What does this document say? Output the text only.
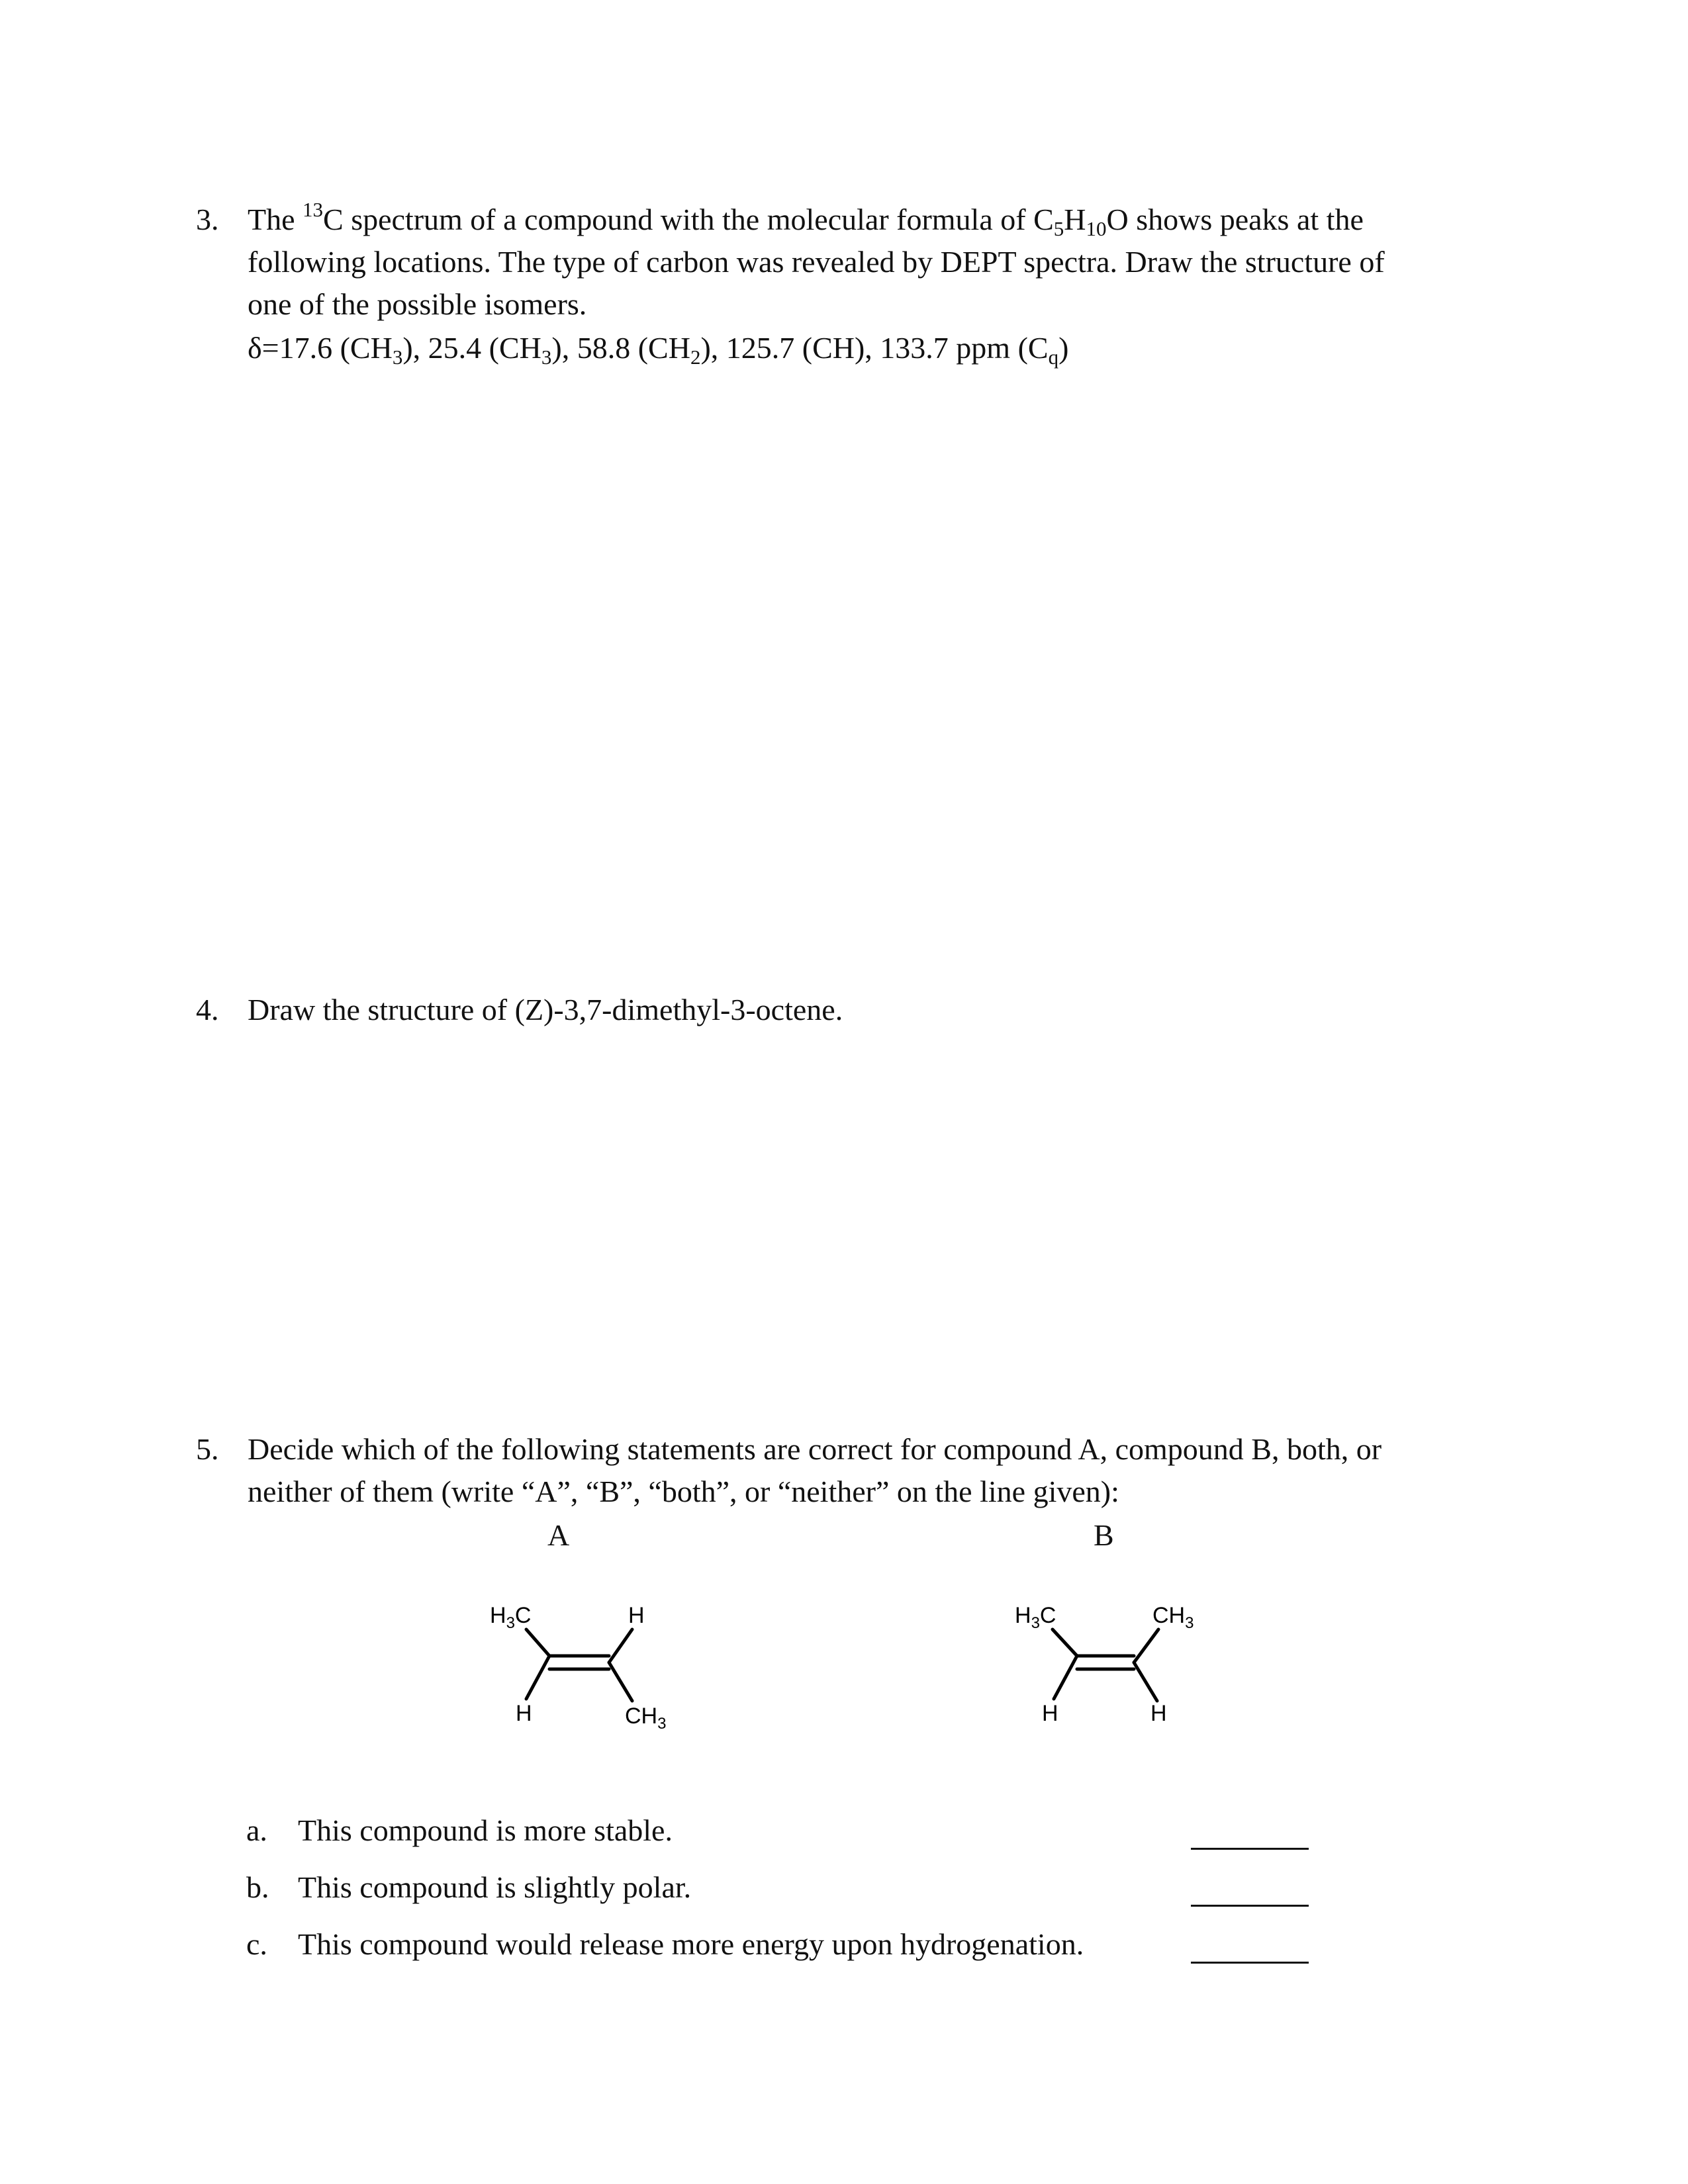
3. The $^{13}$C spectrum of a compound with the molecular formula of $C_5H_{10}O$ shows peaks at the
following locations. The type of carbon was revealed by DEPT spectra. Draw the structure of
one of the possible isomers.
δ=17.6 $(CH_3)$, 25.4 $(CH_3)$, 58.8 $(CH_2)$, 125.7 (CH), 133.7 ppm $(C_q)$
4. Draw the structure of (Z)-3,7-dimethyl-3-octene.
5. Decide which of the following statements are correct for compound A, compound B, both, or
neither of them (write “A”, “B”, “both”, or “neither” on the line given):
A	B
$H_3C$	H
H	$CH_3$
$H_3C$	$CH_3$
H	H
a. This compound is more stable.
b. This compound is slightly polar.
c. This compound would release more energy upon hydrogenation.
